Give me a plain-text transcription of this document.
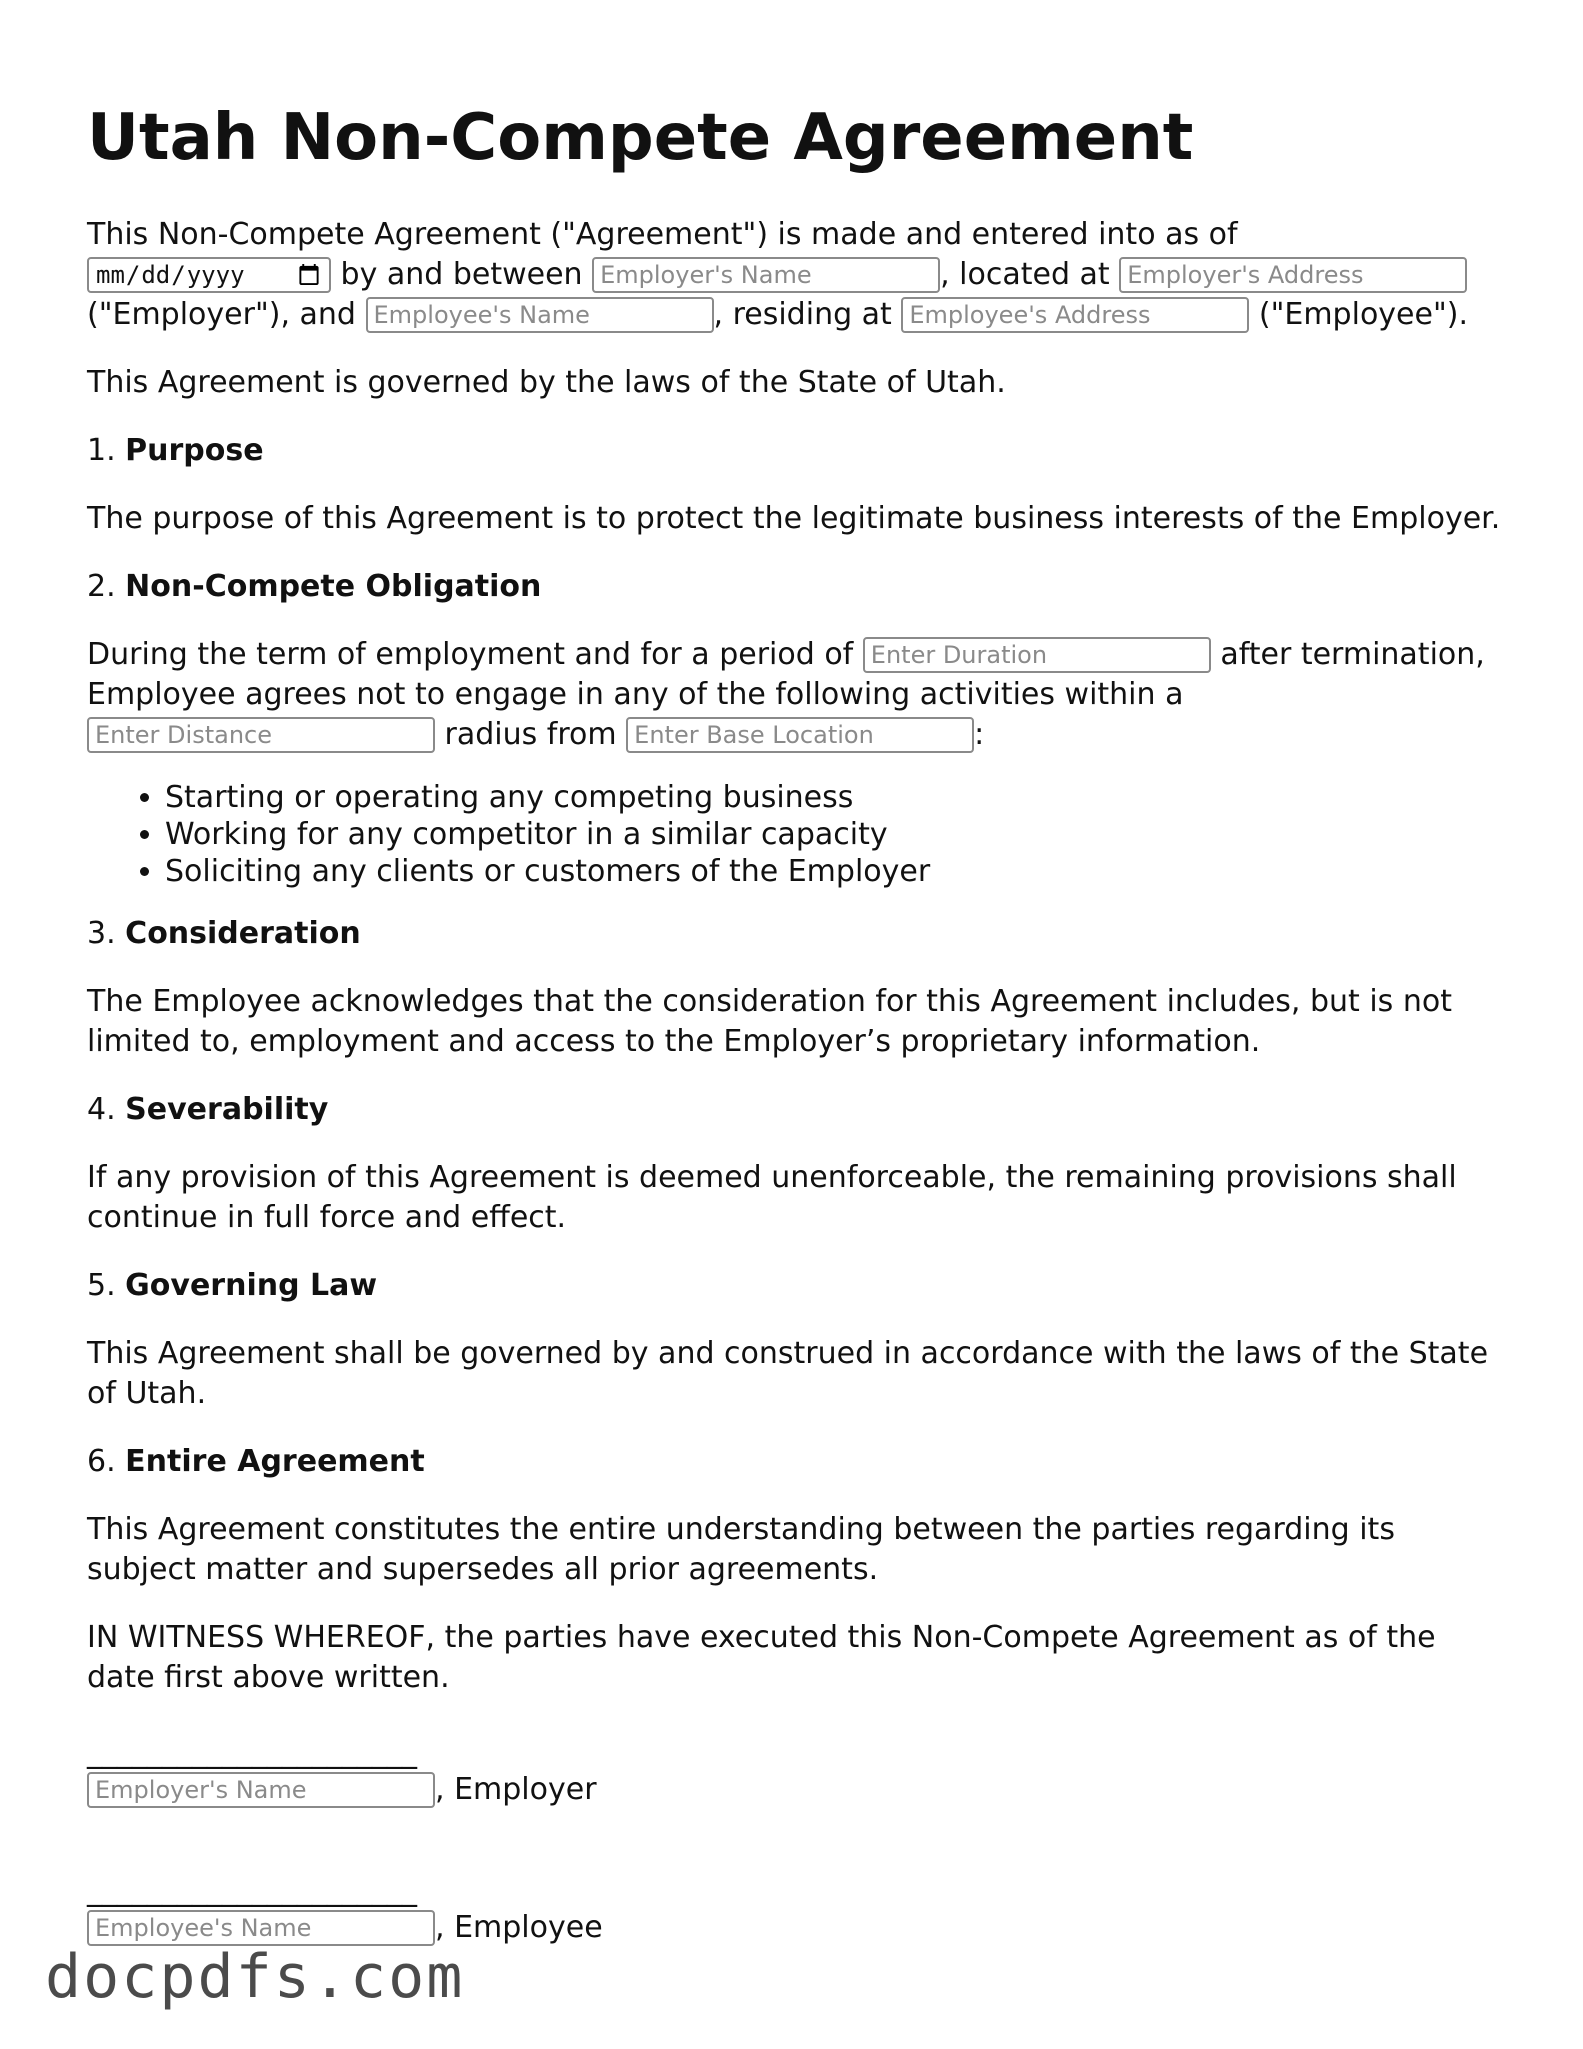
Utah Non-Compete Agreement

This Non-Compete Agreement ("Agreement") is made and entered into as of
by and between Employer's Name	, located at Employer's Address
("Employer"), and Employee's Name	, residing at Employee's Address	("Employee").

This Agreement is governed by the laws of the State of Utah.

1. Purpose

The purpose of this Agreement is to protect the legitimate business interests of the Employer.

2. Non-Compete Obligation

During the term of employment and for a period of Enter Duration	after termination, Employee agrees not to engage in any of the following activities within a Enter Distance radius from Enter Base Location	:

• Starting or operating any competing business
• Working for any competitor in a similar capacity
• Soliciting any clients or customers of the Employer

3. Consideration

The Employee acknowledges that the consideration for this Agreement includes, but is not limited to, employment and access to the Employer’s proprietary information.

4. Severability

If any provision of this Agreement is deemed unenforceable, the remaining provisions shall continue in full force and effect.

5. Governing Law

This Agreement shall be governed by and construed in accordance with the laws of the State of Utah.

6. Entire Agreement

This Agreement constitutes the entire understanding between the parties regarding its subject matter and supersedes all prior agreements.

IN WITNESS WHEREOF, the parties have executed this Non-Compete Agreement as of the date first above written.

______________________
Employer's Name, Employer
______________________
Employee's Name, Employee
docpdfs.com
